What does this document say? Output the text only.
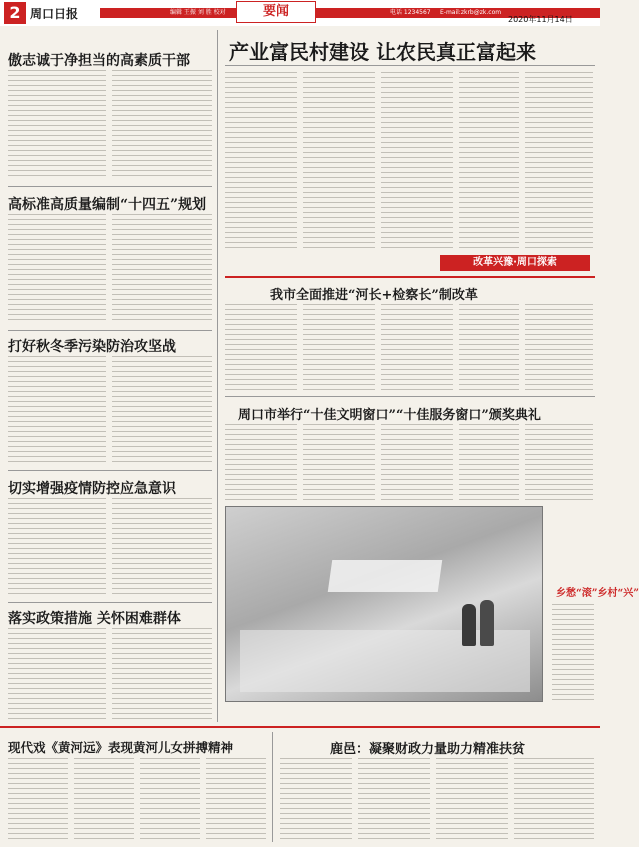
2 周口日报	编辑 王振 刘 胜 校对	要闻	电话 1234567 E-mail:zkrb@zk.com
2020年11月14日
傲志诚于净担当的高素质干部
高标准高质量编制“十四五”规划
打好秋冬季污染防治攻坚战
切实增强疫情防控应急意识
落实政策措施 关怀困难群体
产业富民村建设 让农民真正富起来
改革兴豫·周口探索
我市全面推进“河长+检察长”制改革
周口市举行“十佳文明窗口”“十佳服务窗口”颁奖典礼
乡愁“滚”乡村“兴”
现代戏《黄河远》表现黄河儿女拼搏精神	鹿邑：凝聚财政力量助力精准扶贫
